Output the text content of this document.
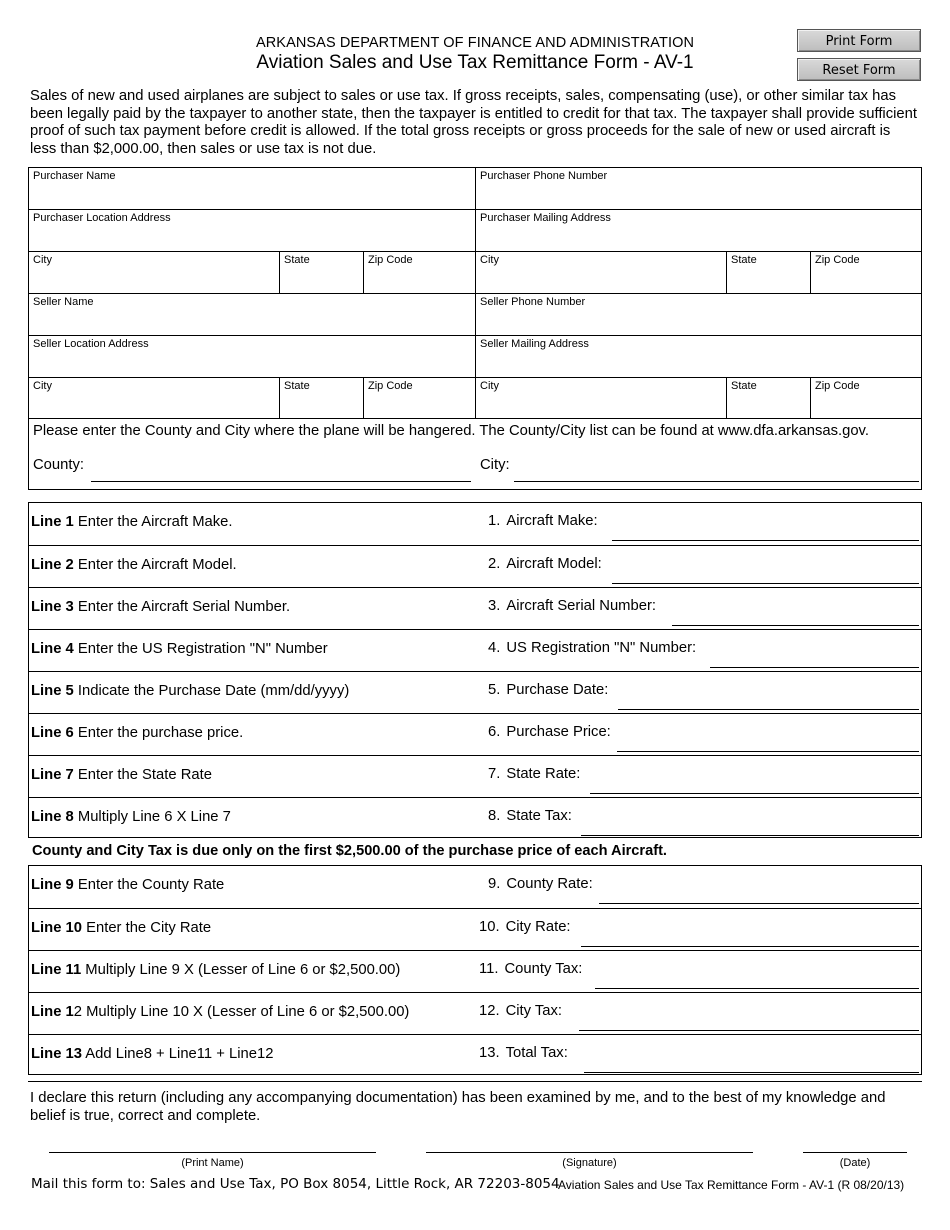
ARKANSAS DEPARTMENT OF FINANCE AND ADMINISTRATION
Aviation Sales and Use Tax Remittance Form - AV-1
Print Form
Reset Form
Sales of new and used airplanes are subject to sales or use tax. If gross receipts, sales, compensating (use), or other similar tax has been legally paid by the taxpayer to another state, then the taxpayer is entitled to credit for that tax. The taxpayer shall provide sufficient proof of such tax payment before credit is allowed. If the total gross receipts or gross proceeds for the sale of new or used aircraft is less than $2,000.00, then sales or use tax is not due.
Purchaser Name	Purchaser Phone Number
Purchaser Location Address	Purchaser Mailing Address
City	State	Zip Code	City	State	Zip Code
Seller Name	Seller Phone Number
Seller Location Address	Seller Mailing Address
City	State	Zip Code	City	State	Zip Code
Please enter the County and City where the plane will be hangered. The County/City list can be found at www.dfa.arkansas.gov.
County:	City:
Line 1 Enter the Aircraft Make.	1. Aircraft Make:
Line 2 Enter the Aircraft Model.	2. Aircraft Model:
Line 3 Enter the Aircraft Serial Number.	3. Aircraft Serial Number:
Line 4 Enter the US Registration "N" Number	4. US Registration "N" Number:
Line 5 Indicate the Purchase Date (mm/dd/yyyy)	5. Purchase Date:
Line 6 Enter the purchase price.	6. Purchase Price:
Line 7 Enter the State Rate	7. State Rate:
Line 8 Multiply Line 6 X Line 7	8. State Tax:
County and City Tax is due only on the first $2,500.00 of the purchase price of each Aircraft.
Line 9 Enter the County Rate	9. County Rate:
Line 10 Enter the City Rate	10. City Rate:
Line 11 Multiply Line 9 X (Lesser of Line 6 or $2,500.00)	11. County Tax:
Line 12 Multiply Line 10 X (Lesser of Line 6 or $2,500.00)	12. City Tax:
Line 13 Add Line8 + Line11 + Line12	13. Total Tax:
I declare this return (including any accompanying documentation) has been examined by me, and to the best of my knowledge and belief is true, correct and complete.
(Print Name)	(Signature)	(Date)
Mail this form to: Sales and Use Tax, PO Box 8054, Little Rock, AR 72203-8054
Aviation Sales and Use Tax Remittance Form - AV-1 (R 08/20/13)
